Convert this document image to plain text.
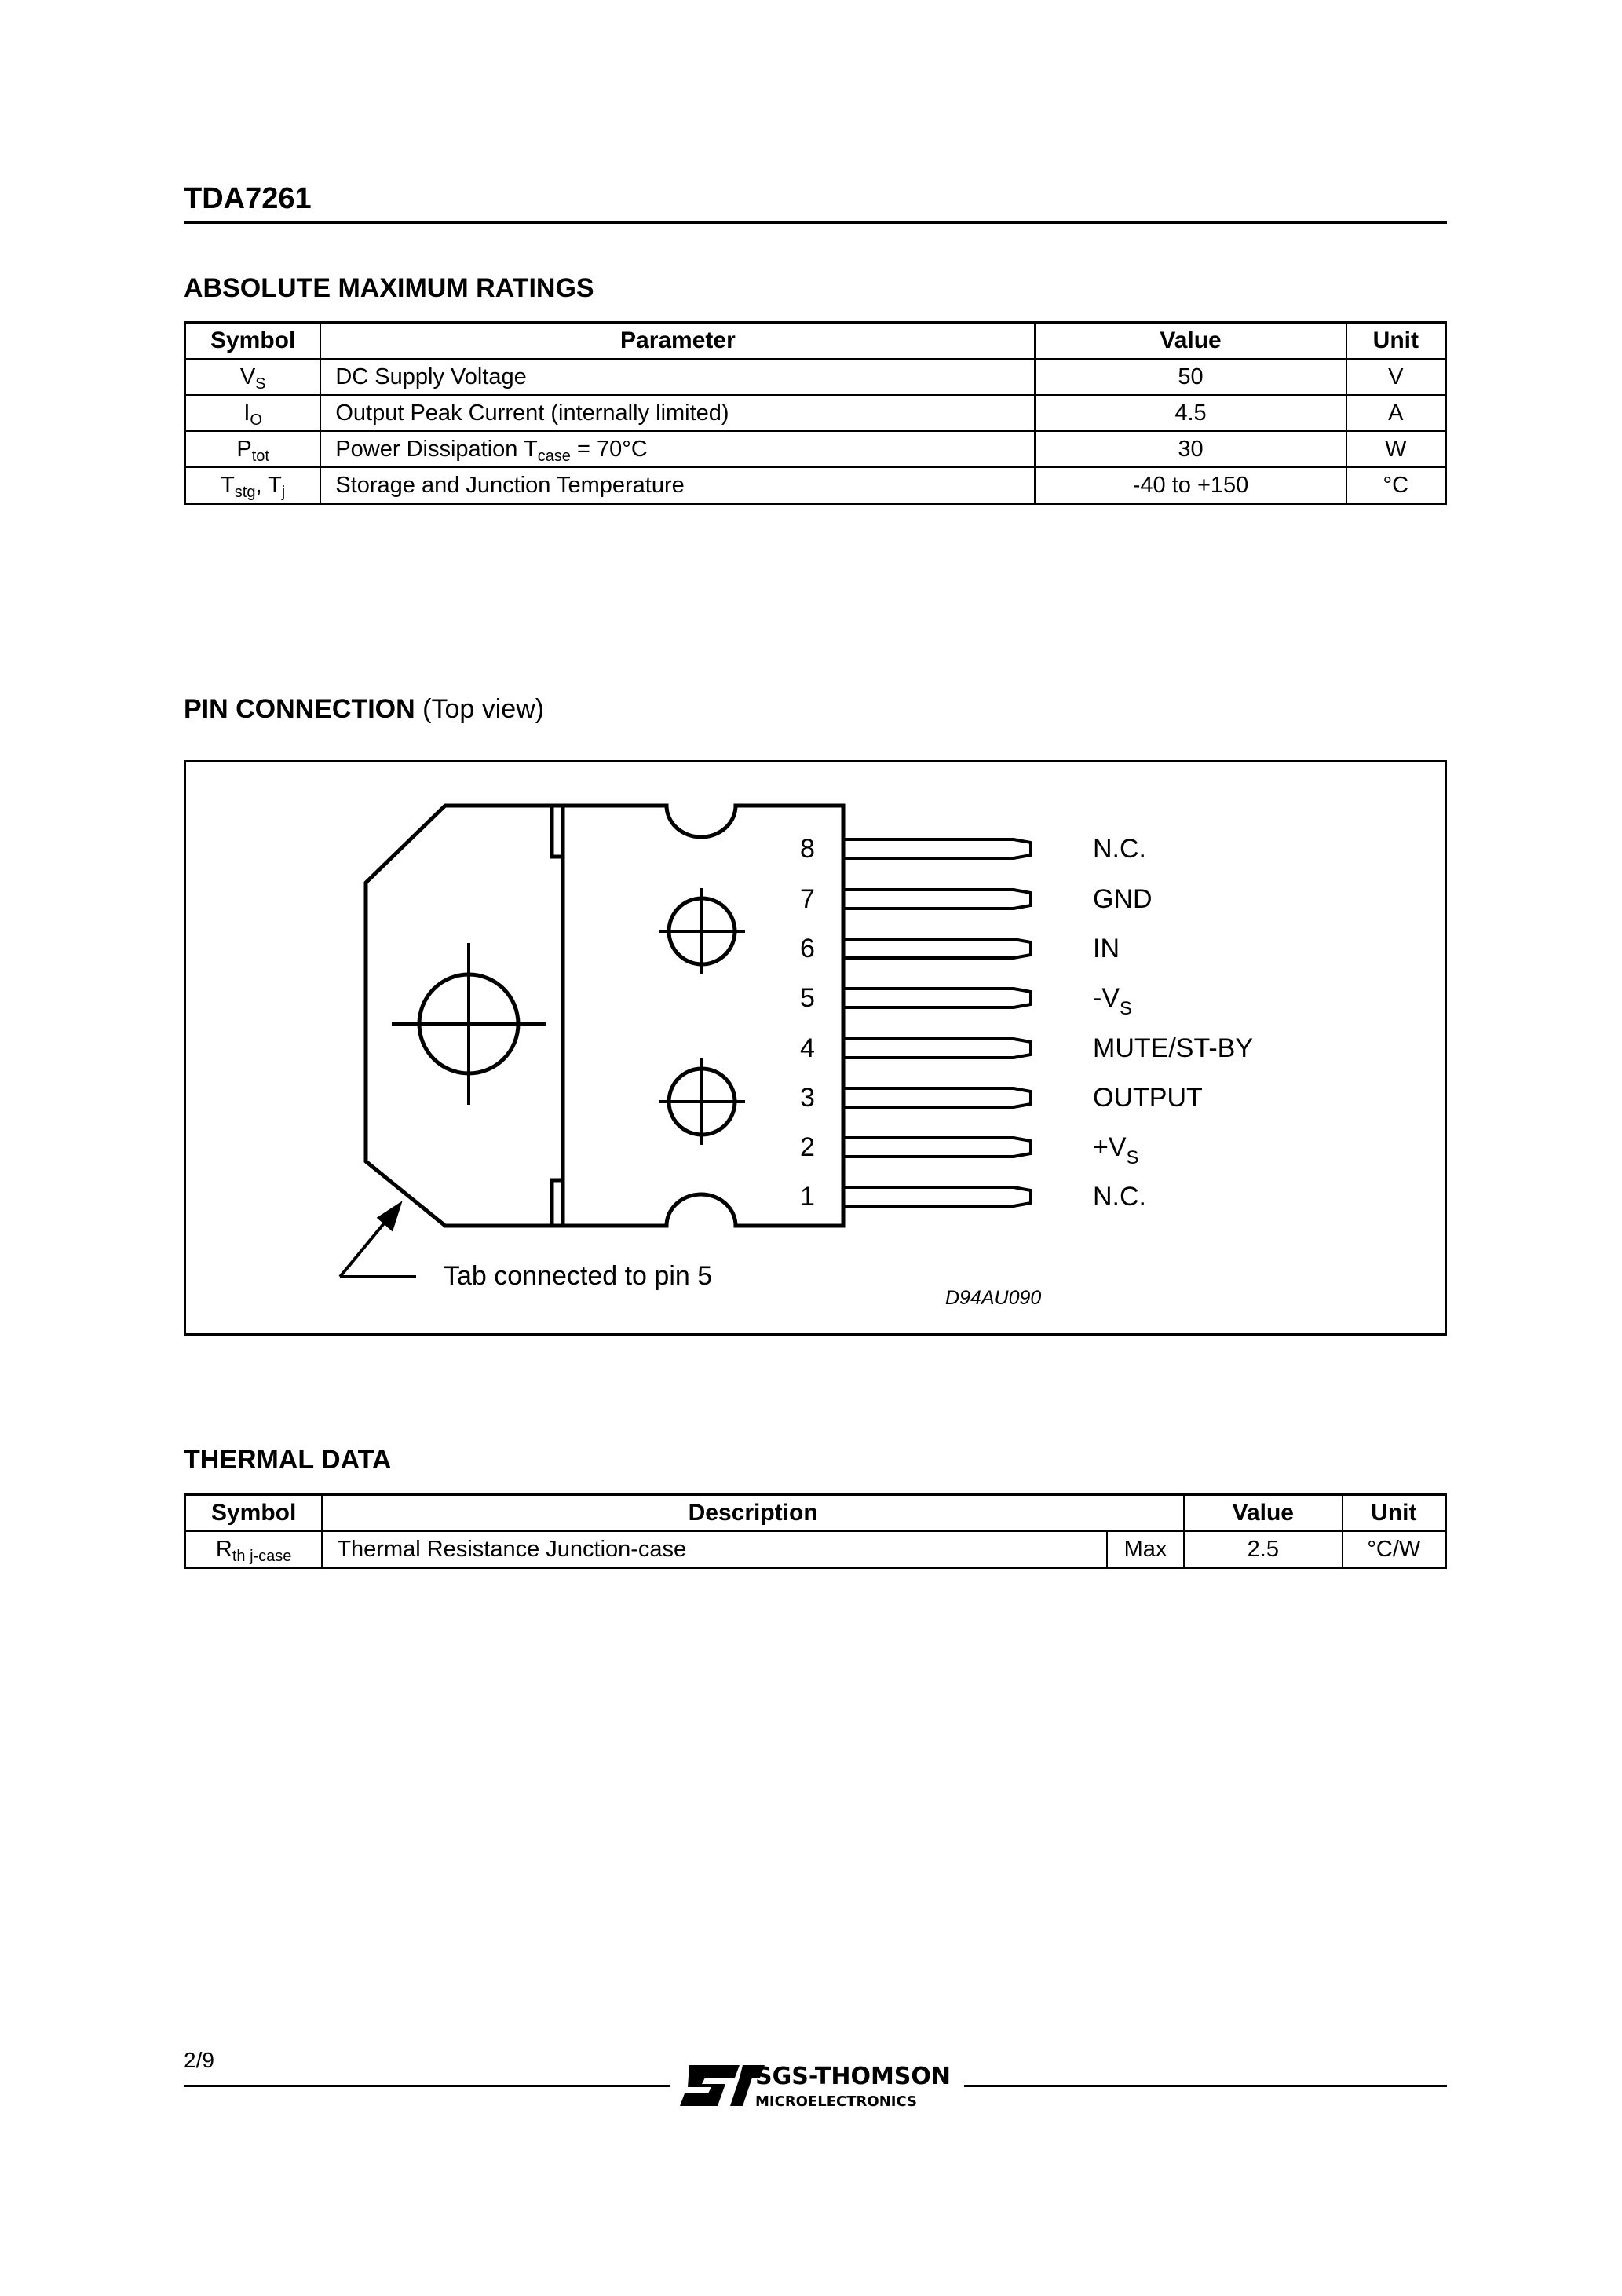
TDA7261
ABSOLUTE MAXIMUM RATINGS
Symbol	Parameter	Value	Unit
$V_S$	DC Supply Voltage	50	V
$I_O$	Output Peak Current (internally limited)	4.5	A
$P_{tot}$	Power Dissipation $T_{case} = 70^\circ C$	30	W
$T_{stg}$, $T_j$	Storage and Junction Temperature	-40 to +150	°C
PIN CONNECTION (Top view)
8
7
6
5
4
3
2
1
N.C.
GND
IN
$-V_S$
MUTE/ST-BY
OUTPUT
$+V_S$
N.C.
Tab connected to pin 5
D94AU090
THERMAL DATA
Symbol	Description		Value	Unit
$R_{th j-case}$	Thermal Resistance Junction-case	Max	2.5	°C/W
2/9
SGS-THOMSON
MICROELECTRONICS
